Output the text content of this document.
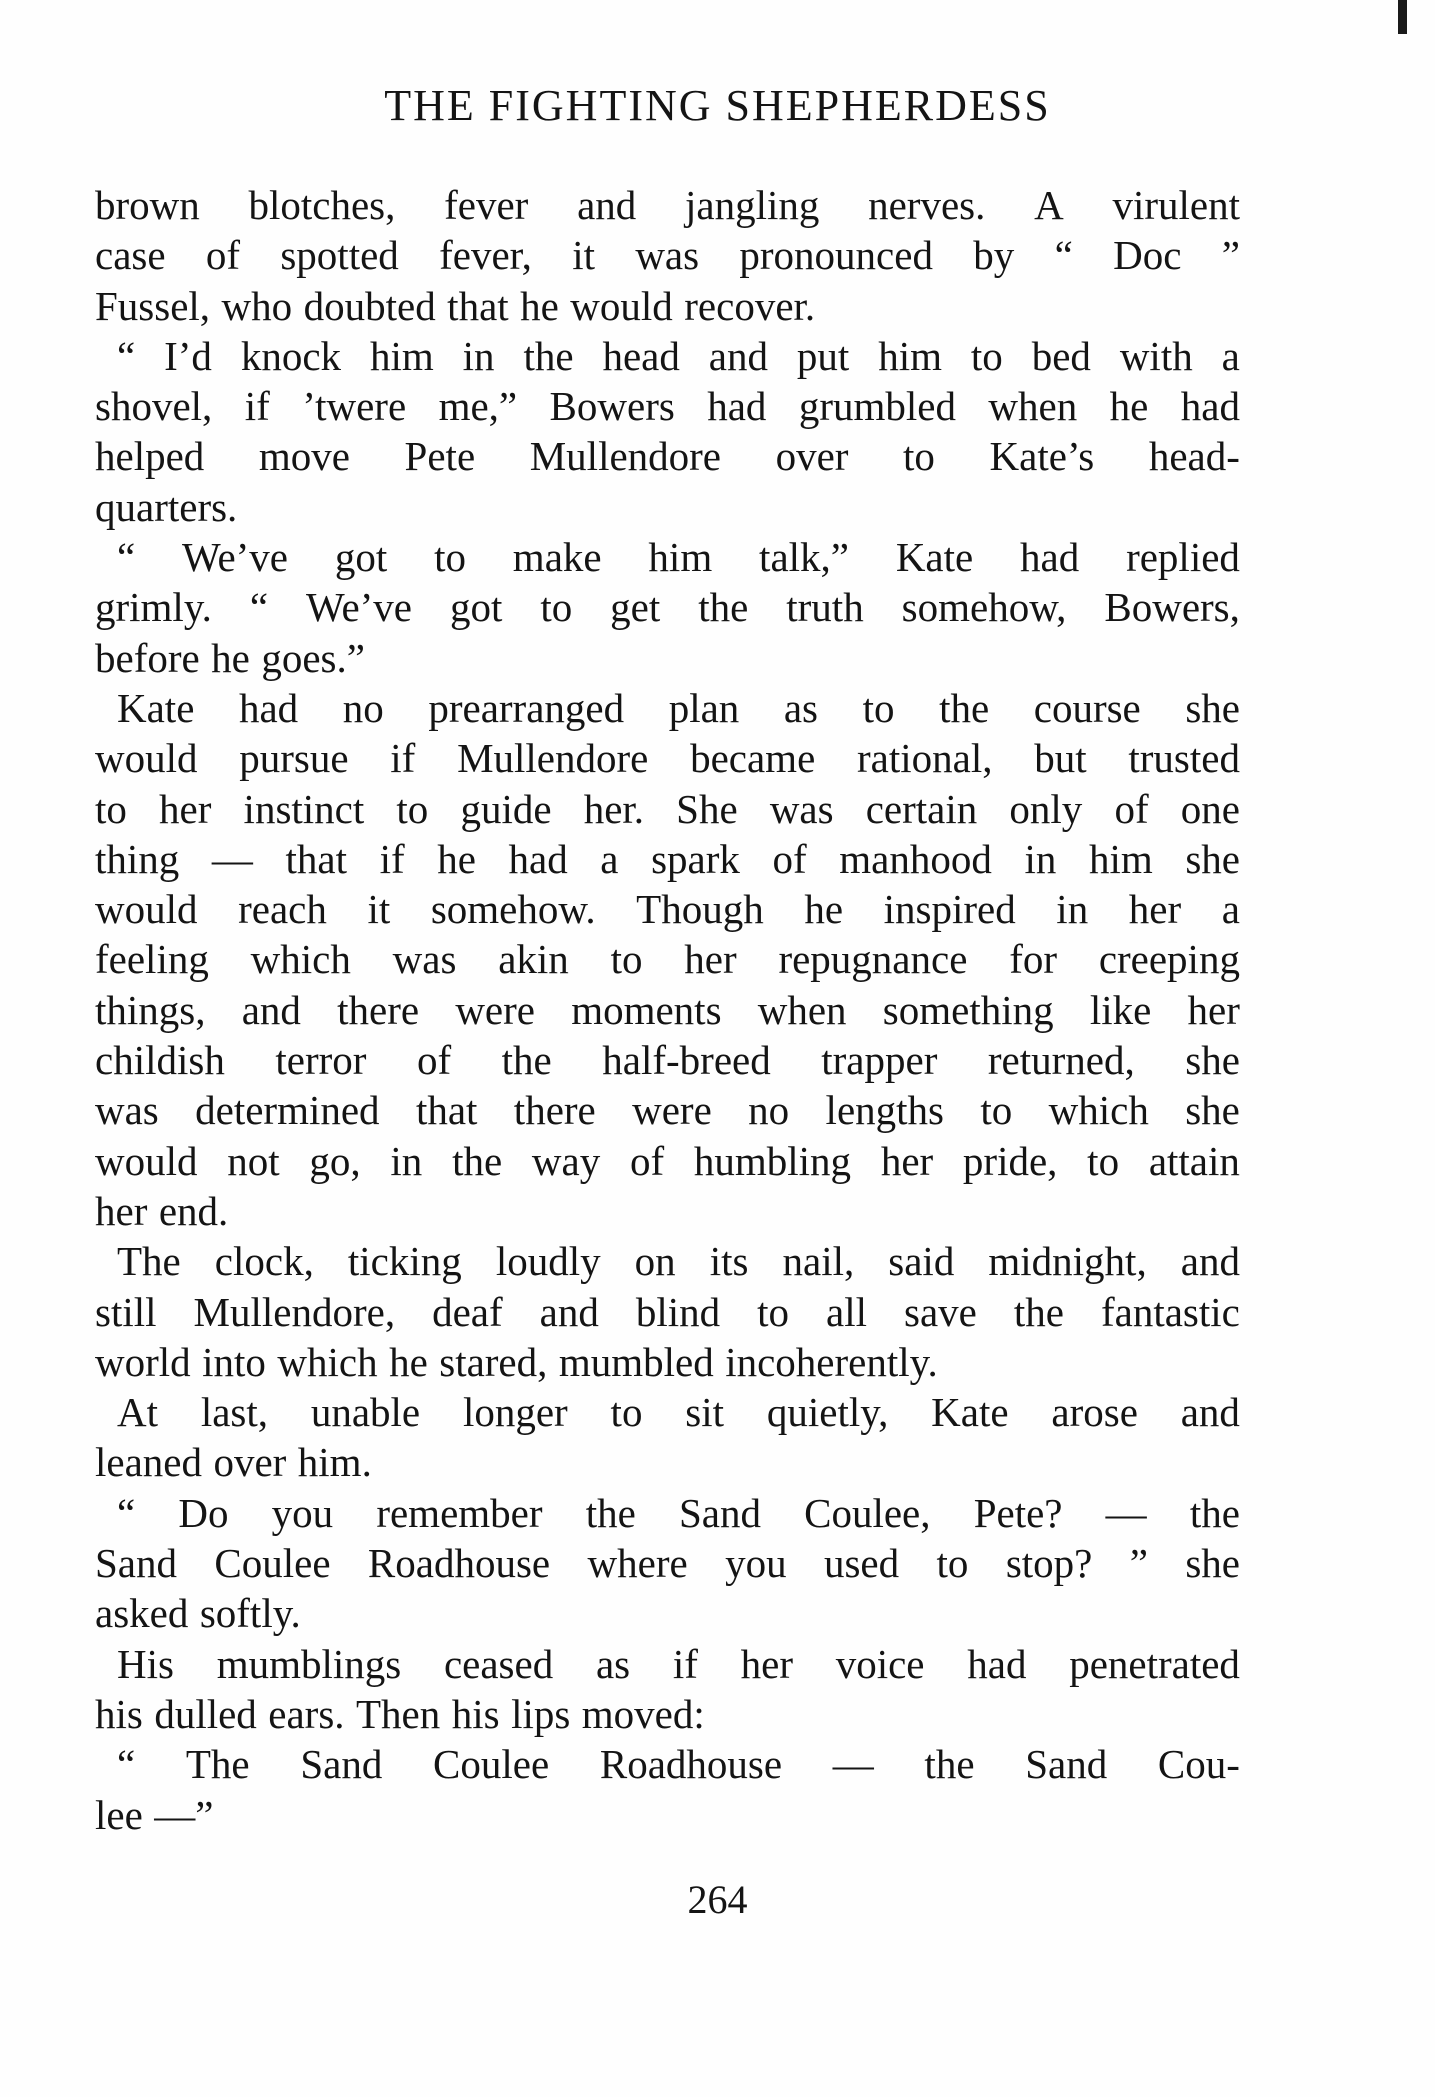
THE FIGHTING SHEPHERDESS
brown blotches, fever and jangling nerves. A virulent
case of spotted fever, it was pronounced by “ Doc ”
Fussel, who doubted that he would recover.
“ I’d knock him in the head and put him to bed with a
shovel, if ’twere me,” Bowers had grumbled when he had
helped move Pete Mullendore over to Kate’s head-
quarters.
“ We’ve got to make him talk,” Kate had replied
grimly. “ We’ve got to get the truth somehow, Bowers,
before he goes.”
Kate had no prearranged plan as to the course she
would pursue if Mullendore became rational, but trusted
to her instinct to guide her. She was certain only of one
thing — that if he had a spark of manhood in him she
would reach it somehow. Though he inspired in her a
feeling which was akin to her repugnance for creeping
things, and there were moments when something like her
childish terror of the half-breed trapper returned, she
was determined that there were no lengths to which she
would not go, in the way of humbling her pride, to attain
her end.
The clock, ticking loudly on its nail, said midnight, and
still Mullendore, deaf and blind to all save the fantastic
world into which he stared, mumbled incoherently.
At last, unable longer to sit quietly, Kate arose and
leaned over him.
“ Do you remember the Sand Coulee, Pete? — the
Sand Coulee Roadhouse where you used to stop? ” she
asked softly.
His mumblings ceased as if her voice had penetrated
his dulled ears. Then his lips moved:
“ The Sand Coulee Roadhouse — the Sand Cou-
lee —”
264
